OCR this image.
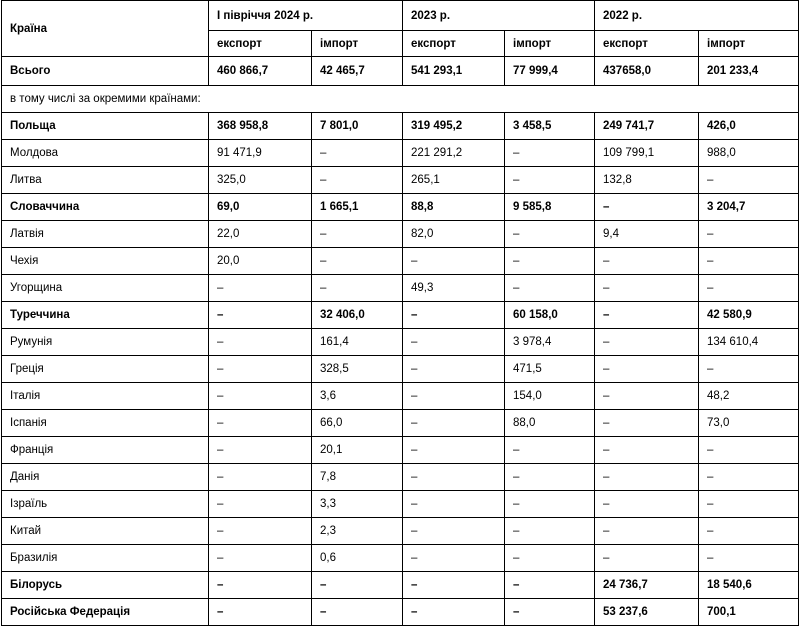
Країна	І півріччя 2024 р.		2023 р.		2022 р.	
	експорт	імпорт	експорт	імпорт	експорт	імпорт
Всього	460 866,7	42 465,7	541 293,1	77 999,4	437658,0	201 233,4
в тому числі за окремими країнами:						
Польща	368 958,8	7 801,0	319 495,2	3 458,5	249 741,7	426,0
Молдова	91 471,9	–	221 291,2	–	109 799,1	988,0
Литва	325,0	–	265,1	–	132,8	–
Словаччина	69,0	1 665,1	88,8	9 585,8	–	3 204,7
Латвія	22,0	–	82,0	–	9,4	–
Чехія	20,0	–	–	–	–	–
Угорщина	–	–	49,3	–	–	–
Туреччина	–	32 406,0	–	60 158,0	–	42 580,9
Румунія	–	161,4	–	3 978,4	–	134 610,4
Греція	–	328,5	–	471,5	–	–
Італія	–	3,6	–	154,0	–	48,2
Іспанія	–	66,0	–	88,0	–	73,0
Франція	–	20,1	–	–	–	–
Данія	–	7,8	–	–	–	–
Ізраїль	–	3,3	–	–	–	–
Китай	–	2,3	–	–	–	–
Бразилія	–	0,6	–	–	–	–
Білорусь	–	–	–	–	24 736,7	18 540,6
Російська Федерація	–	–	–	–	53 237,6	700,1
